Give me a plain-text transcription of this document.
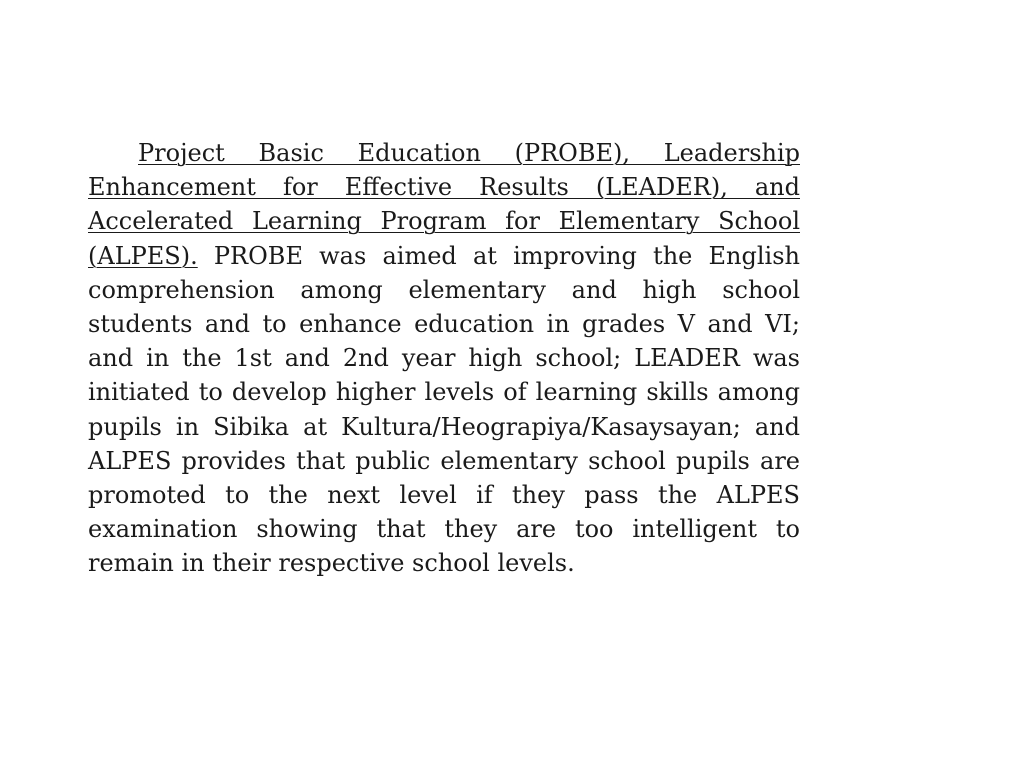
Project Basic Education (PROBE), Leadership Enhancement for Effective Results (LEADER), and Accelerated Learning Program for Elementary School (ALPES). PROBE was aimed at improving the English comprehension among elementary and high school students and to enhance education in grades V and VI; and in the 1st and 2nd year high school; LEADER was initiated to develop higher levels of learning skills among pupils in Sibika at Kultura/Heograpiya/Kasaysayan; and ALPES provides that public elementary school pupils are promoted to the next level if they pass the ALPES examination showing that they are too intelligent to remain in their respective school levels.
